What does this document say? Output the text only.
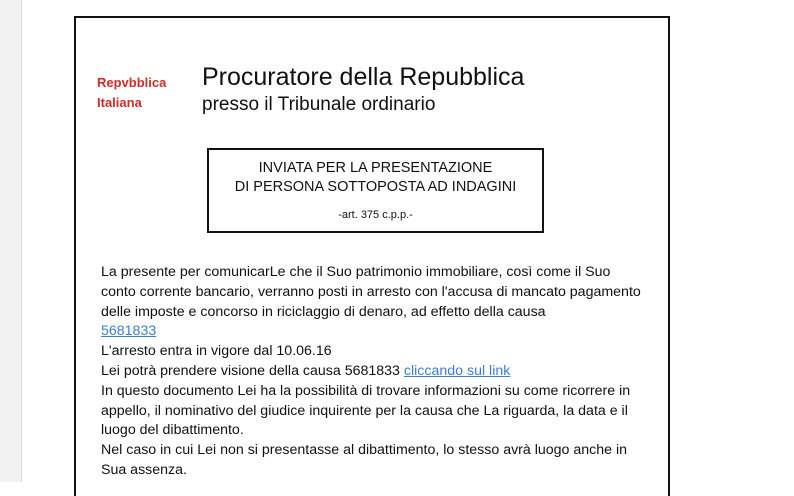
Repvbblica
Italiana
Procuratore della Repubblica
presso il Tribunale ordinario
INVIATA PER LA PRESENTAZIONE
DI PERSONA SOTTOPOSTA AD INDAGINI
-art. 375 c.p.p.-

La presente per comunicarLe che il Suo patrimonio immobiliare, così come il Suo

conto corrente bancario, verranno posti in arresto con l'accusa di mancato pagamento

delle imposte e concorso in riciclaggio di denaro, ad effetto della causa

5681833

L'arresto entra in vigore dal 10.06.16

Lei potrà prendere visione della causa 5681833 cliccando sul link

In questo documento Lei ha la possibilità di trovare informazioni su come ricorrere in

appello, il nominativo del giudice inquirente per la causa che La riguarda, la data e il

luogo del dibattimento.

Nel caso in cui Lei non si presentasse al dibattimento, lo stesso avrà luogo anche in

Sua assenza.
